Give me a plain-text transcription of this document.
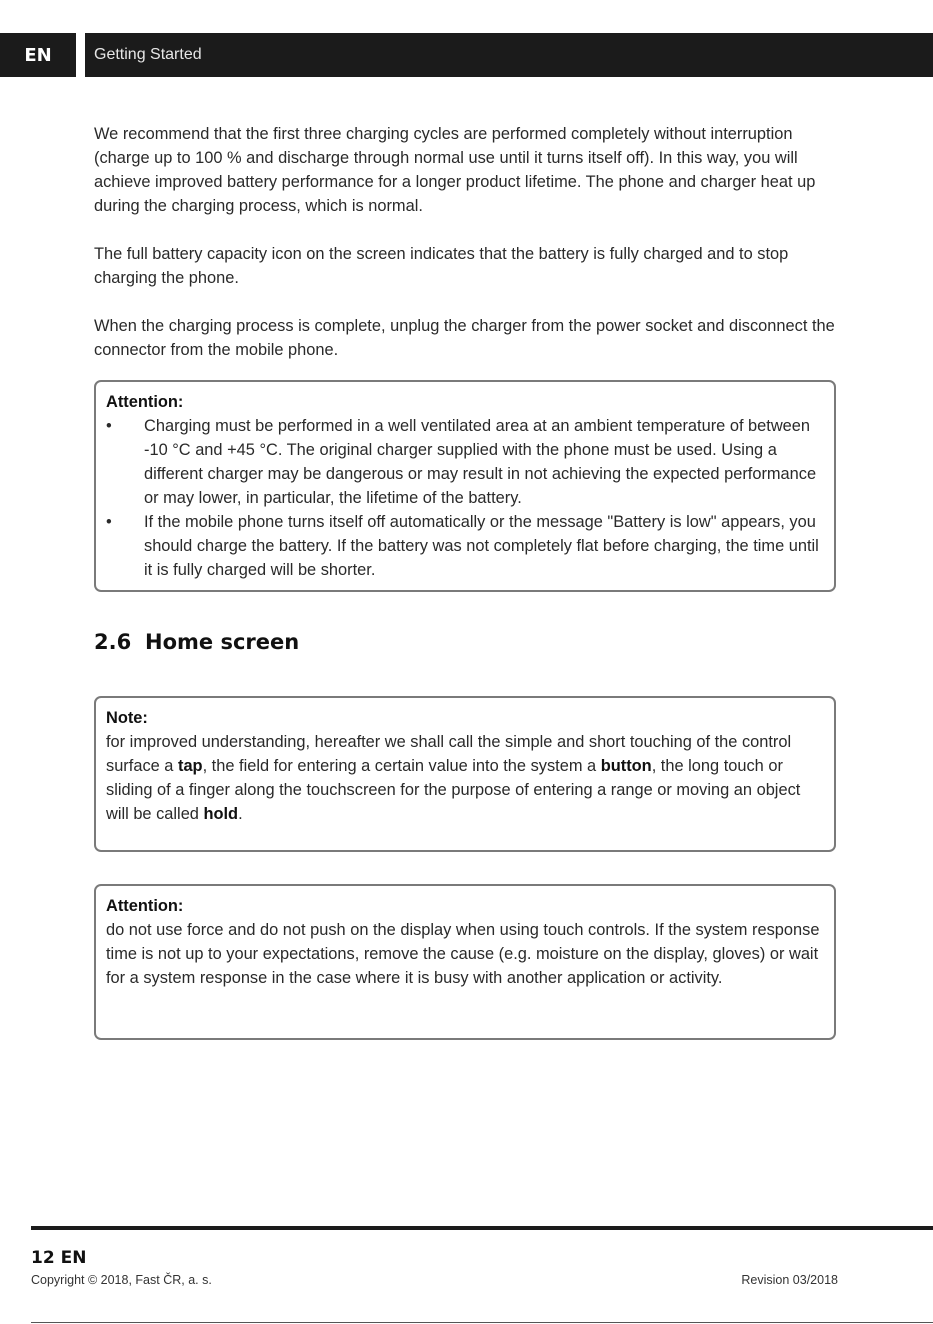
EN	Getting Started

We recommend that the first three charging cycles are performed completely without interruption (charge up to 100 % and discharge through normal use until it turns itself off). In this way, you will achieve improved battery performance for a longer product lifetime. The phone and charger heat up during the charging process, which is normal.

The full battery capacity icon on the screen indicates that the battery is fully charged and to stop charging the phone.

When the charging process is complete, unplug the charger from the power socket and disconnect the connector from the mobile phone.

Attention:
• Charging must be performed in a well ventilated area at an ambient temperature of between -10 °C and +45 °C. The original charger supplied with the phone must be used. Using a different charger may be dangerous or may result in not achieving the expected performance or may lower, in particular, the lifetime of the battery.
• If the mobile phone turns itself off automatically or the message "Battery is low" appears, you should charge the battery. If the battery was not completely flat before charging, the time until it is fully charged will be shorter.
2.6 Home screen
Note:
for improved understanding, hereafter we shall call the simple and short touching of the control surface a tap, the field for entering a certain value into the system a button, the long touch or sliding of a finger along the touchscreen for the purpose of entering a range or moving an object will be called hold.
Attention:
do not use force and do not push on the display when using touch controls. If the system response time is not up to your expectations, remove the cause (e.g. moisture on the display, gloves) or wait for a system response in the case where it is busy with another application or activity.
12 EN
Copyright © 2018, Fast ČR, a. s.	Revision 03/2018
